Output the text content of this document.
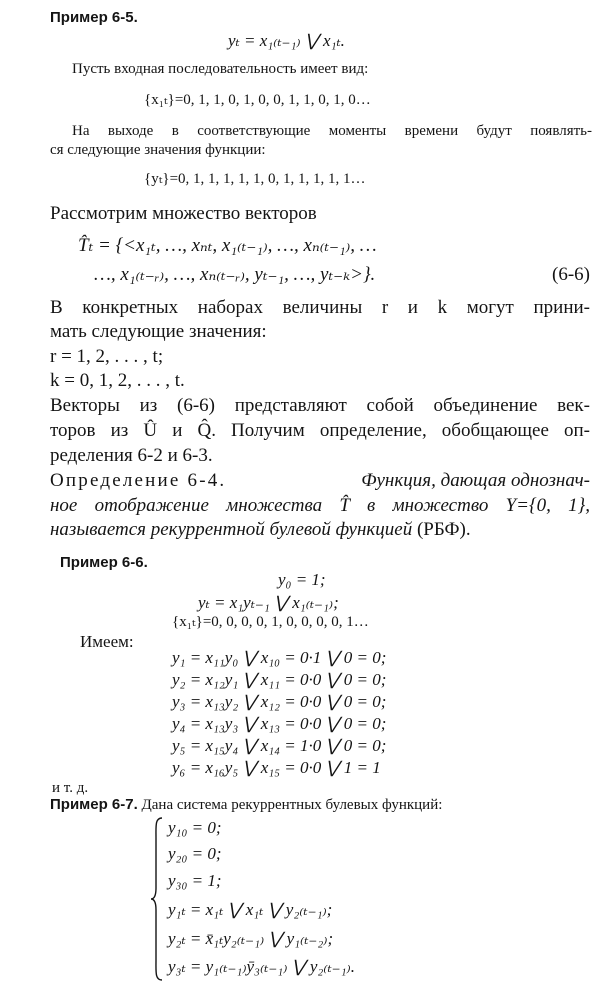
Пример 6-5.
yₜ = x₁₍ₜ₋₁₎ ⋁ x₁ₜ.
Пусть входная последовательность имеет вид:
{x₁ₜ}=0, 1, 1, 0, 1, 0, 0, 1, 1, 0, 1, 0…
На выходе в соответствующие моменты времени будут появлять-
ся следующие значения функции:
{yₜ}=0, 1, 1, 1, 1, 1, 0, 1, 1, 1, 1, 1…
Рассмотрим множество векторов
T̂ₜ = {<x₁ₜ, …, xₙₜ, x₁₍ₜ₋₁₎, …, xₙ₍ₜ₋₁₎, …
…, x₁₍ₜ₋ᵣ₎, …, xₙ₍ₜ₋ᵣ₎, yₜ₋₁, …, yₜ₋ₖ>}.	(6-6)
В конкретных наборах величины r и k могут прини-
мать следующие значения:
r = 1, 2, . . . , t;
k = 0, 1, 2, . . . , t.
Векторы из (6-6) представляют собой объединение век-
торов из Û и Q̂. Получим определение, обобщающее оп-
ределения 6-2 и 6-3.
Определение 6-4.	Функция, дающая однознач-
ное отображение множества T̂ в множество Y={0, 1},
называется рекуррентной булевой функцией (РБФ).
Пример 6-6.
y₀ = 1;
yₜ = x₁yₜ₋₁ ⋁ x₁₍ₜ₋₁₎;
{x₁ₜ}=0, 0, 0, 0, 1, 0, 0, 0, 0, 1…
Имеем:
y₁ = x₁₁y₀ ⋁ x₁₀ = 0·1 ⋁ 0 = 0;
y₂ = x₁₂y₁ ⋁ x₁₁ = 0·0 ⋁ 0 = 0;
y₃ = x₁₃y₂ ⋁ x₁₂ = 0·0 ⋁ 0 = 0;
y₄ = x₁₃y₃ ⋁ x₁₃ = 0·0 ⋁ 0 = 0;
y₅ = x₁₅y₄ ⋁ x₁₄ = 1·0 ⋁ 0 = 0;
y₆ = x₁₆y₅ ⋁ x₁₅ = 0·0 ⋁ 1 = 1
и т. д.
Пример 6-7. Дана система рекуррентных булевых функций:
y₁₀ = 0;
y₂₀ = 0;
y₃₀ = 1;
y₁ₜ = x₁ₜ ⋁ x₁ₜ ⋁ y₂₍ₜ₋₁₎;
y₂ₜ = x̄₁ₜy₂₍ₜ₋₁₎ ⋁ y₁₍ₜ₋₂₎;
y₃ₜ = y₁₍ₜ₋₁₎ȳ₃₍ₜ₋₁₎ ⋁ y₂₍ₜ₋₁₎.
